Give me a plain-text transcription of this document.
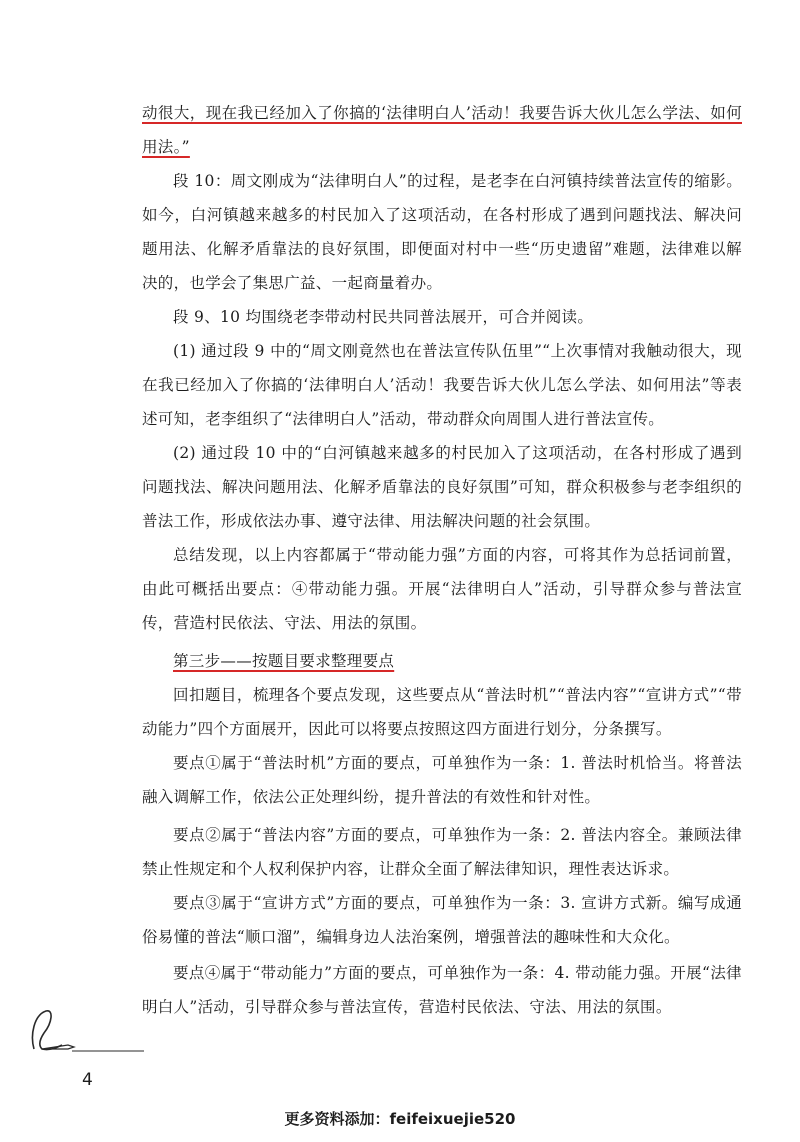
动很大，现在我已经加入了你搞的‘法律明白人’活动！我要告诉大伙儿怎么学法、如何用法。”

段 10：周文刚成为“法律明白人”的过程，是老李在白河镇持续普法宣传的缩影。如今，白河镇越来越多的村民加入了这项活动，在各村形成了遇到问题找法、解决问题用法、化解矛盾靠法的良好氛围，即便面对村中一些“历史遗留”难题，法律难以解决的，也学会了集思广益、一起商量着办。

段 9、10 均围绕老李带动村民共同普法展开，可合并阅读。

(1) 通过段 9 中的“周文刚竟然也在普法宣传队伍里”“上次事情对我触动很大，现在我已经加入了你搞的‘法律明白人’活动！我要告诉大伙儿怎么学法、如何用法”等表述可知，老李组织了“法律明白人”活动，带动群众向周围人进行普法宣传。

(2) 通过段 10 中的“白河镇越来越多的村民加入了这项活动，在各村形成了遇到问题找法、解决问题用法、化解矛盾靠法的良好氛围”可知，群众积极参与老李组织的普法工作，形成依法办事、遵守法律、用法解决问题的社会氛围。

总结发现，以上内容都属于“带动能力强”方面的内容，可将其作为总括词前置，由此可概括出要点：④带动能力强。开展“法律明白人”活动，引导群众参与普法宣传，营造村民依法、守法、用法的氛围。

第三步——按题目要求整理要点

回扣题目，梳理各个要点发现，这些要点从“普法时机”“普法内容”“宣讲方式”“带动能力”四个方面展开，因此可以将要点按照这四方面进行划分，分条撰写。

要点①属于“普法时机”方面的要点，可单独作为一条：1. 普法时机恰当。将普法融入调解工作，依法公正处理纠纷，提升普法的有效性和针对性。

要点②属于“普法内容”方面的要点，可单独作为一条：2. 普法内容全。兼顾法律禁止性规定和个人权利保护内容，让群众全面了解法律知识，理性表达诉求。

要点③属于“宣讲方式”方面的要点，可单独作为一条：3. 宣讲方式新。编写成通俗易懂的普法“顺口溜”，编辑身边人法治案例，增强普法的趣味性和大众化。

要点④属于“带动能力”方面的要点，可单独作为一条：4. 带动能力强。开展“法律明白人”活动，引导群众参与普法宣传，营造村民依法、守法、用法的氛围。

4
更多资料添加：feifeixuejie520
